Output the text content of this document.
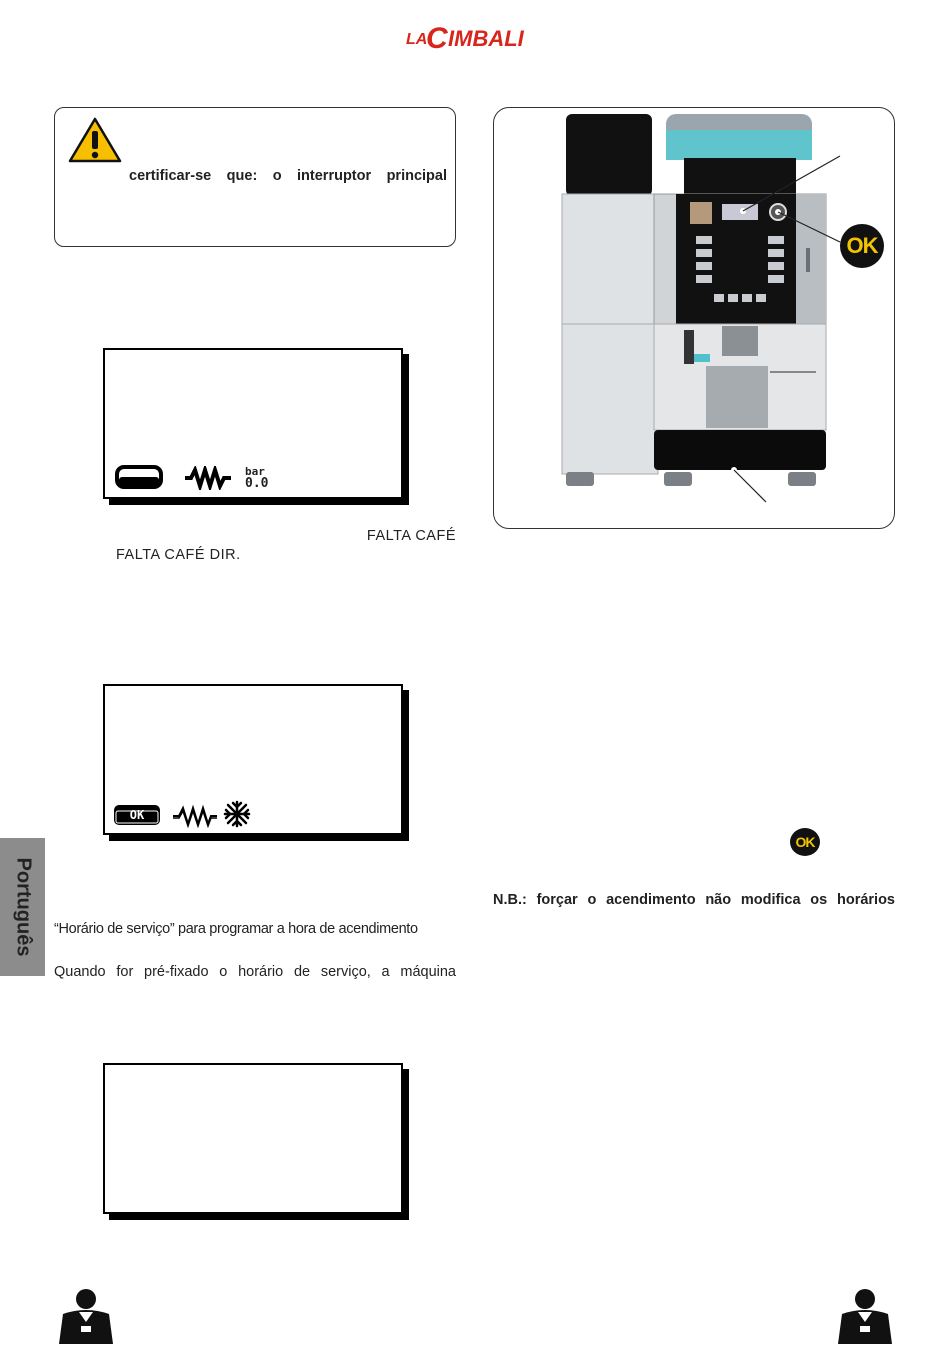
LA
C IMBALI
certificar-se que: o interruptor principal
bar
0.0
FALTA CAFÉ
FALTA CAFÉ DIR.
OK
Português “Horário de serviço” para programar a hora de acendimento
Quando for pré-fixado o horário de serviço, a máquina
OK
OK
N.B.: forçar o acendimento não modifica os horários
